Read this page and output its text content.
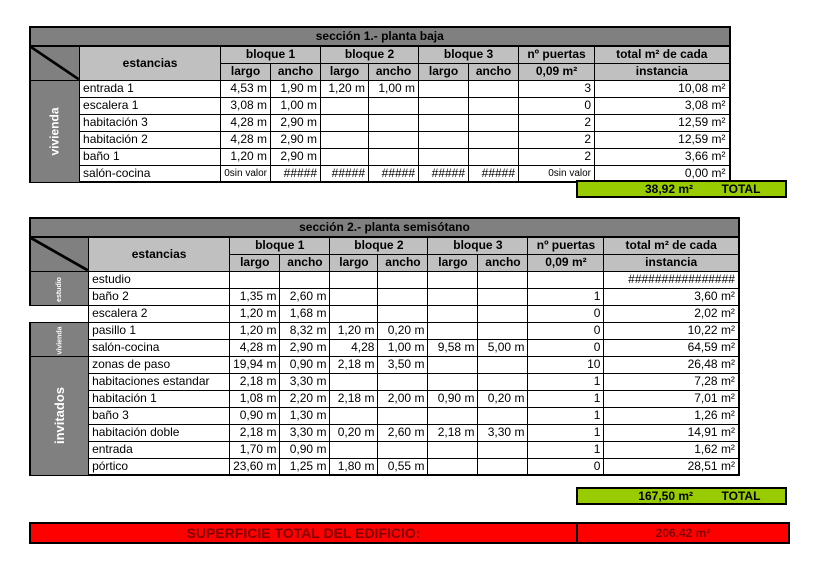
sección 1.- planta baja									

	estancias	bloque 1		bloque 2		bloque 3		nº puertas	total m² de cada
		largo	ancho	largo	ancho	largo	ancho	0,09 m²	instancia
vivienda	entrada 1	4,53 m	1,90 m	1,20 m	1,00 m			3	10,08 m²
	escalera 1	3,08 m	1,00 m					0	3,08 m²
	habitación 3	4,28 m	2,90 m					2	12,59 m²
	habitación 2	4,28 m	2,90 m					2	12,59 m²
	baño 1	1,20 m	2,90 m					2	3,66 m²
	salón-cocina	0sin valor	#####	#####	#####	#####	#####	0sin valor	0,00 m²
38,92 m²	TOTAL
sección 2.- planta semisótano									

	estancias	bloque 1		bloque 2		bloque 3		nº puertas	total m² de cada
		largo	ancho	largo	ancho	largo	ancho	0,09 m²	instancia
estudio	estudio								################
	baño 2	1,35 m	2,60 m					1	3,60 m²
	escalera 2	1,20 m	1,68 m					0	2,02 m²
vivienda	pasillo 1	1,20 m	8,32 m	1,20 m	0,20 m			0	10,22 m²
	salón-cocina	4,28 m	2,90 m	4,28	1,00 m	9,58 m	5,00 m	0	64,59 m²
invitados	zonas de paso	19,94 m	0,90 m	2,18 m	3,50 m			10	26,48 m²
	habitaciones estandar	2,18 m	3,30 m					1	7,28 m²
	habitación 1	1,08 m	2,20 m	2,18 m	2,00 m	0,90 m	0,20 m	1	7,01 m²
	baño 3	0,90 m	1,30 m					1	1,26 m²
	habitación doble	2,18 m	3,30 m	0,20 m	2,60 m	2,18 m	3,30 m	1	14,91 m²
	entrada	1,70 m	0,90 m					1	1,62 m²
	pórtico	23,60 m	1,25 m	1,80 m	0,55 m			0	28,51 m²
167,50 m²	TOTAL
SUPERFICIE TOTAL DEL EDIFICIO:	206,42 m²
